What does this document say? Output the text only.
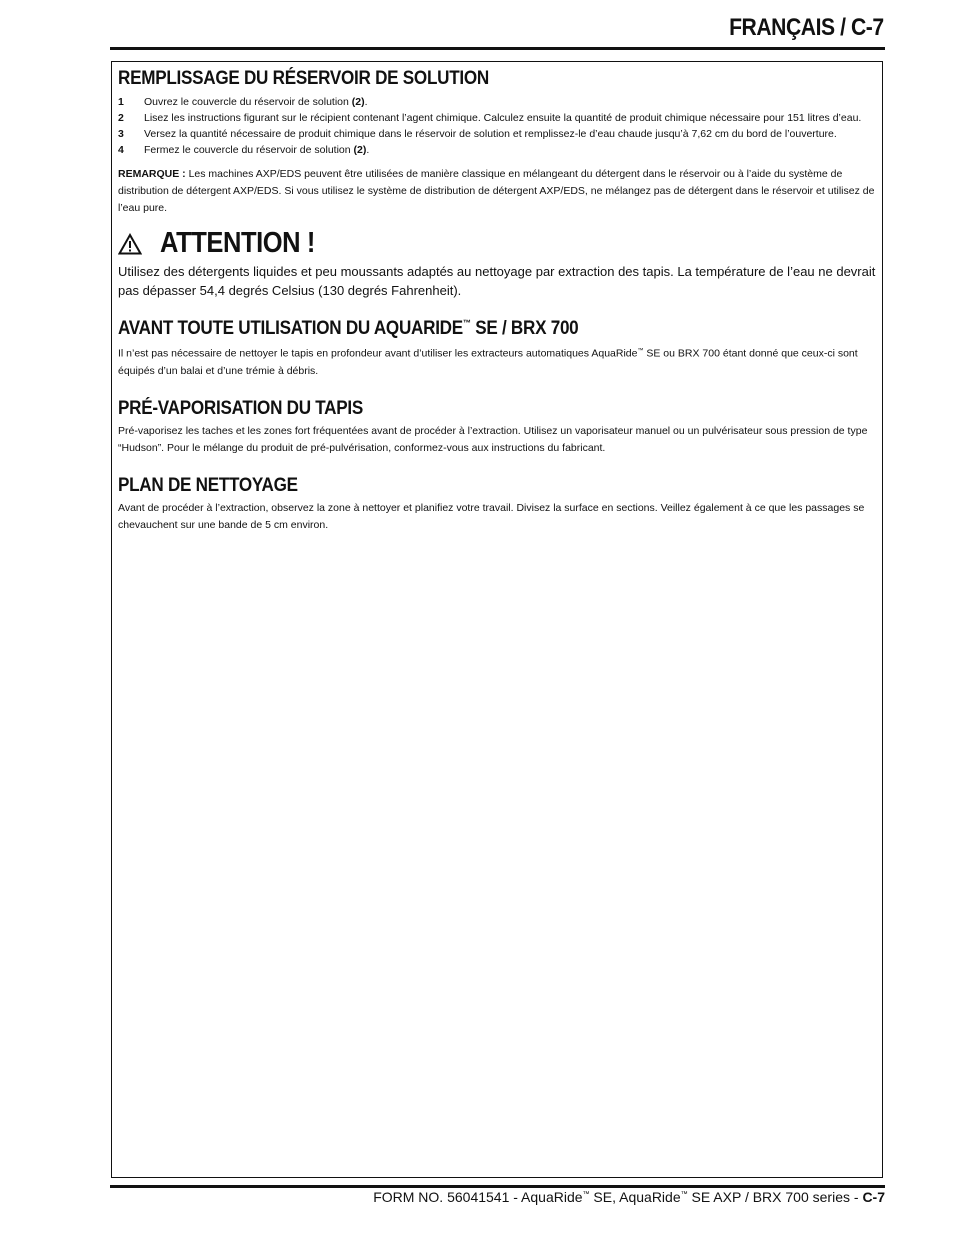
FRANÇAIS / C-7
REMPLISSAGE DU RÉSERVOIR DE SOLUTION
1 Ouvrez le couvercle du réservoir de solution (2).
2 Lisez les instructions figurant sur le récipient contenant l’agent chimique. Calculez ensuite la quantité de produit chimique nécessaire pour 151 litres d’eau.
3 Versez la quantité nécessaire de produit chimique dans le réservoir de solution et remplissez-le d’eau chaude jusqu’à 7,62 cm du bord de l’ouverture.
4 Fermez le couvercle du réservoir de solution (2).

REMARQUE : Les machines AXP/EDS peuvent être utilisées de manière classique en mélangeant du détergent dans le réservoir ou à l’aide du système de distribution de détergent AXP/EDS. Si vous utilisez le système de distribution de détergent AXP/EDS, ne mélangez pas de détergent dans le réservoir et utilisez de l’eau pure.

ATTENTION !

Utilisez des détergents liquides et peu moussants adaptés au nettoyage par extraction des tapis. La température de l’eau ne devrait pas dépasser 54,4 degrés Celsius (130 degrés Fahrenheit).

AVANT TOUTE UTILISATION DU AQUARIDE™ SE / BRX 700

Il n’est pas nécessaire de nettoyer le tapis en profondeur avant d’utiliser les extracteurs automatiques AquaRide™ SE ou BRX 700 étant donné que ceux-ci sont équipés d’un balai et d’une trémie à débris.

PRÉ-VAPORISATION DU TAPIS

Pré-vaporisez les taches et les zones fort fréquentées avant de procéder à l’extraction. Utilisez un vaporisateur manuel ou un pulvérisateur sous pression de type “Hudson”. Pour le mélange du produit de pré-pulvérisation, conformez-vous aux instructions du fabricant.

PLAN DE NETTOYAGE

Avant de procéder à l’extraction, observez la zone à nettoyer et planifiez votre travail. Divisez la surface en sections. Veillez également à ce que les passages se chevauchent sur une bande de 5 cm environ.

FORM NO. 56041541 - AquaRide™ SE, AquaRide™ SE AXP / BRX 700 series - C-7
